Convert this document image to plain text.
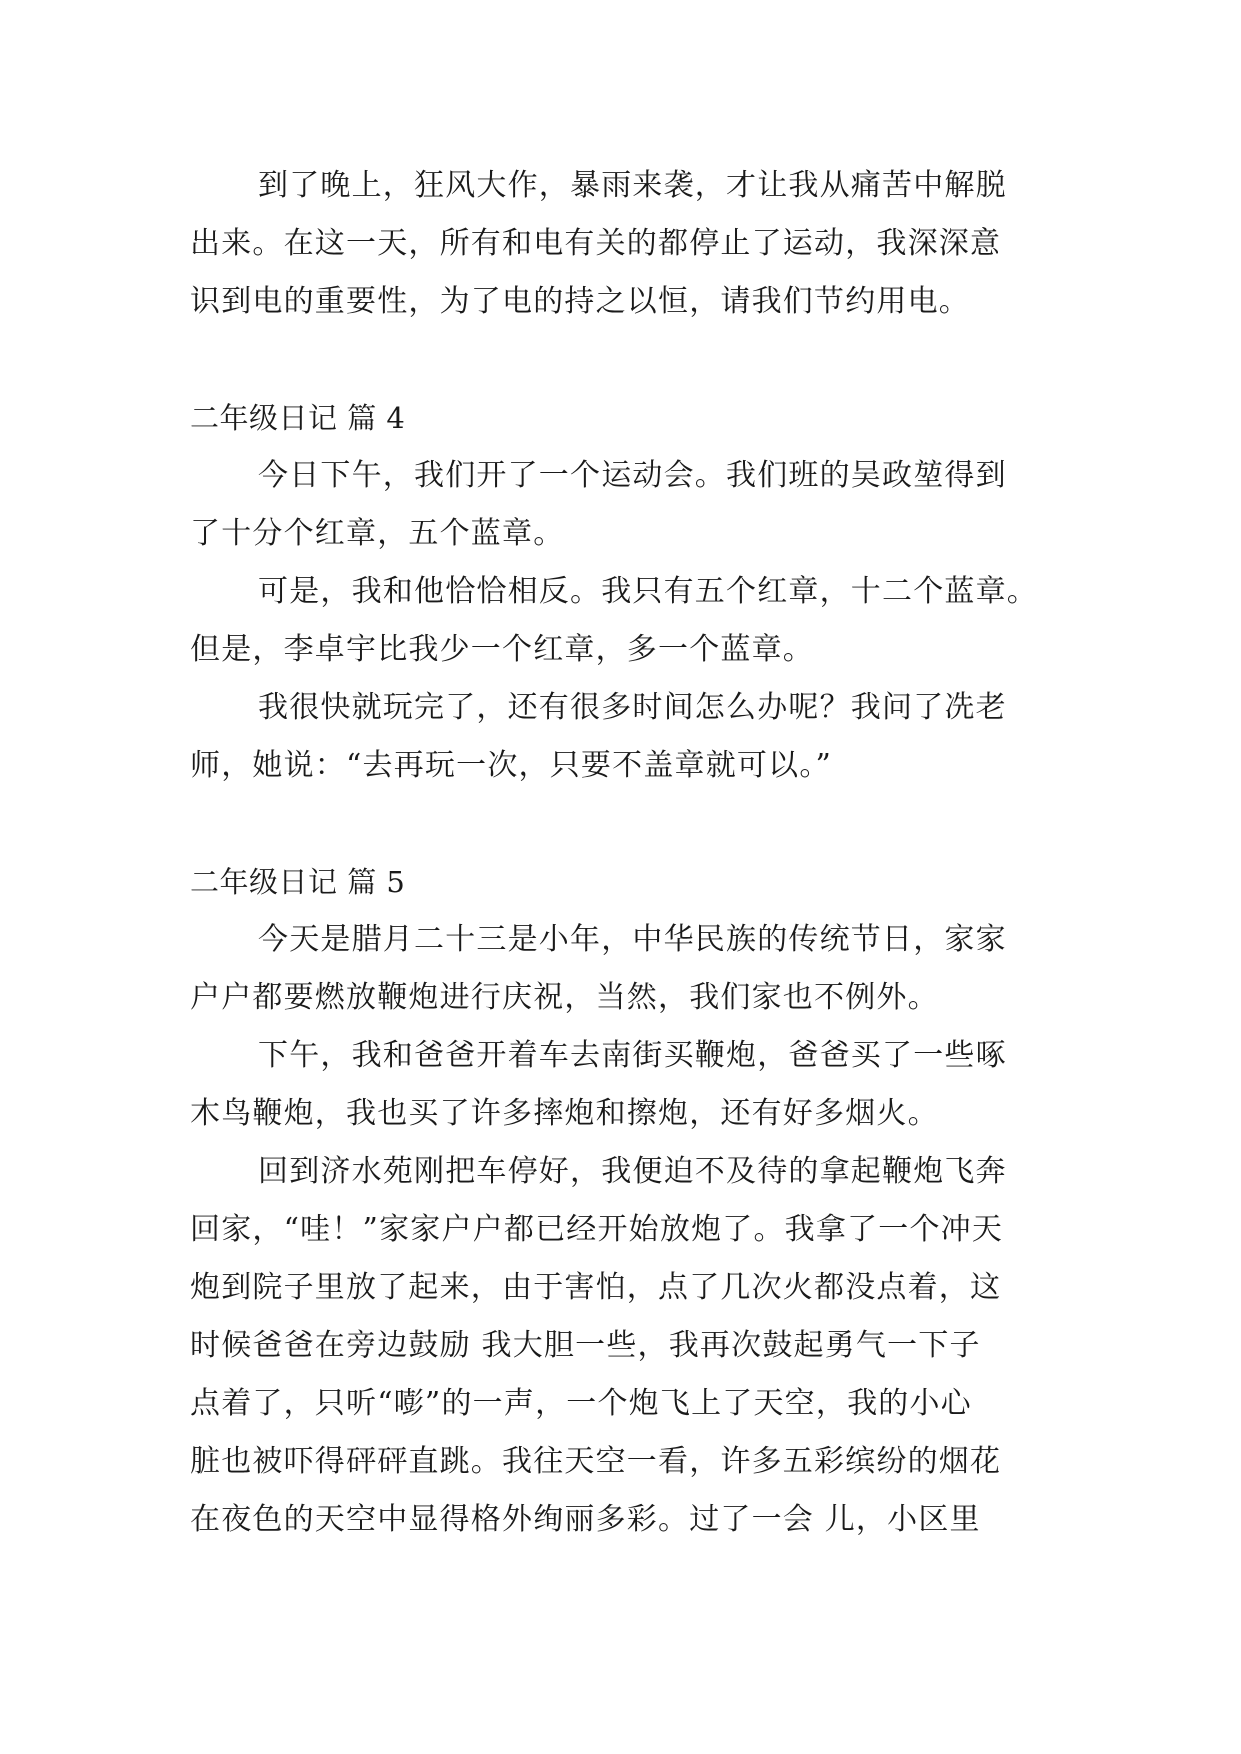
到了晚上，狂风大作，暴雨来袭，才让我从痛苦中解脱
出来。在这一天，所有和电有关的都停止了运动，我深深意
识到电的重要性，为了电的持之以恒，请我们节约用电。
二年级日记 篇 4
今日下午，我们开了一个运动会。我们班的吴政堃得到
了十分个红章，五个蓝章。
可是，我和他恰恰相反。我只有五个红章，十二个蓝章。
但是，李卓宇比我少一个红章，多一个蓝章。
我很快就玩完了，还有很多时间怎么办呢？我问了冼老
师，她说：“去再玩一次，只要不盖章就可以。”
二年级日记 篇 5
今天是腊月二十三是小年，中华民族的传统节日，家家
户户都要燃放鞭炮进行庆祝，当然，我们家也不例外。
下午，我和爸爸开着车去南街买鞭炮，爸爸买了一些啄
木鸟鞭炮，我也买了许多摔炮和擦炮，还有好多烟火。
回到济水苑刚把车停好，我便迫不及待的拿起鞭炮飞奔
回家，“哇！”家家户户都已经开始放炮了。我拿了一个冲天
炮到院子里放了起来，由于害怕，点了几次火都没点着，这
时候爸爸在旁边鼓励 我大胆一些，我再次鼓起勇气一下子
点着了，只听“嘭”的一声，一个炮飞上了天空，我的小心
脏也被吓得砰砰直跳。我往天空一看，许多五彩缤纷的烟花
在夜色的天空中显得格外绚丽多彩。过了一会 儿，小区里
